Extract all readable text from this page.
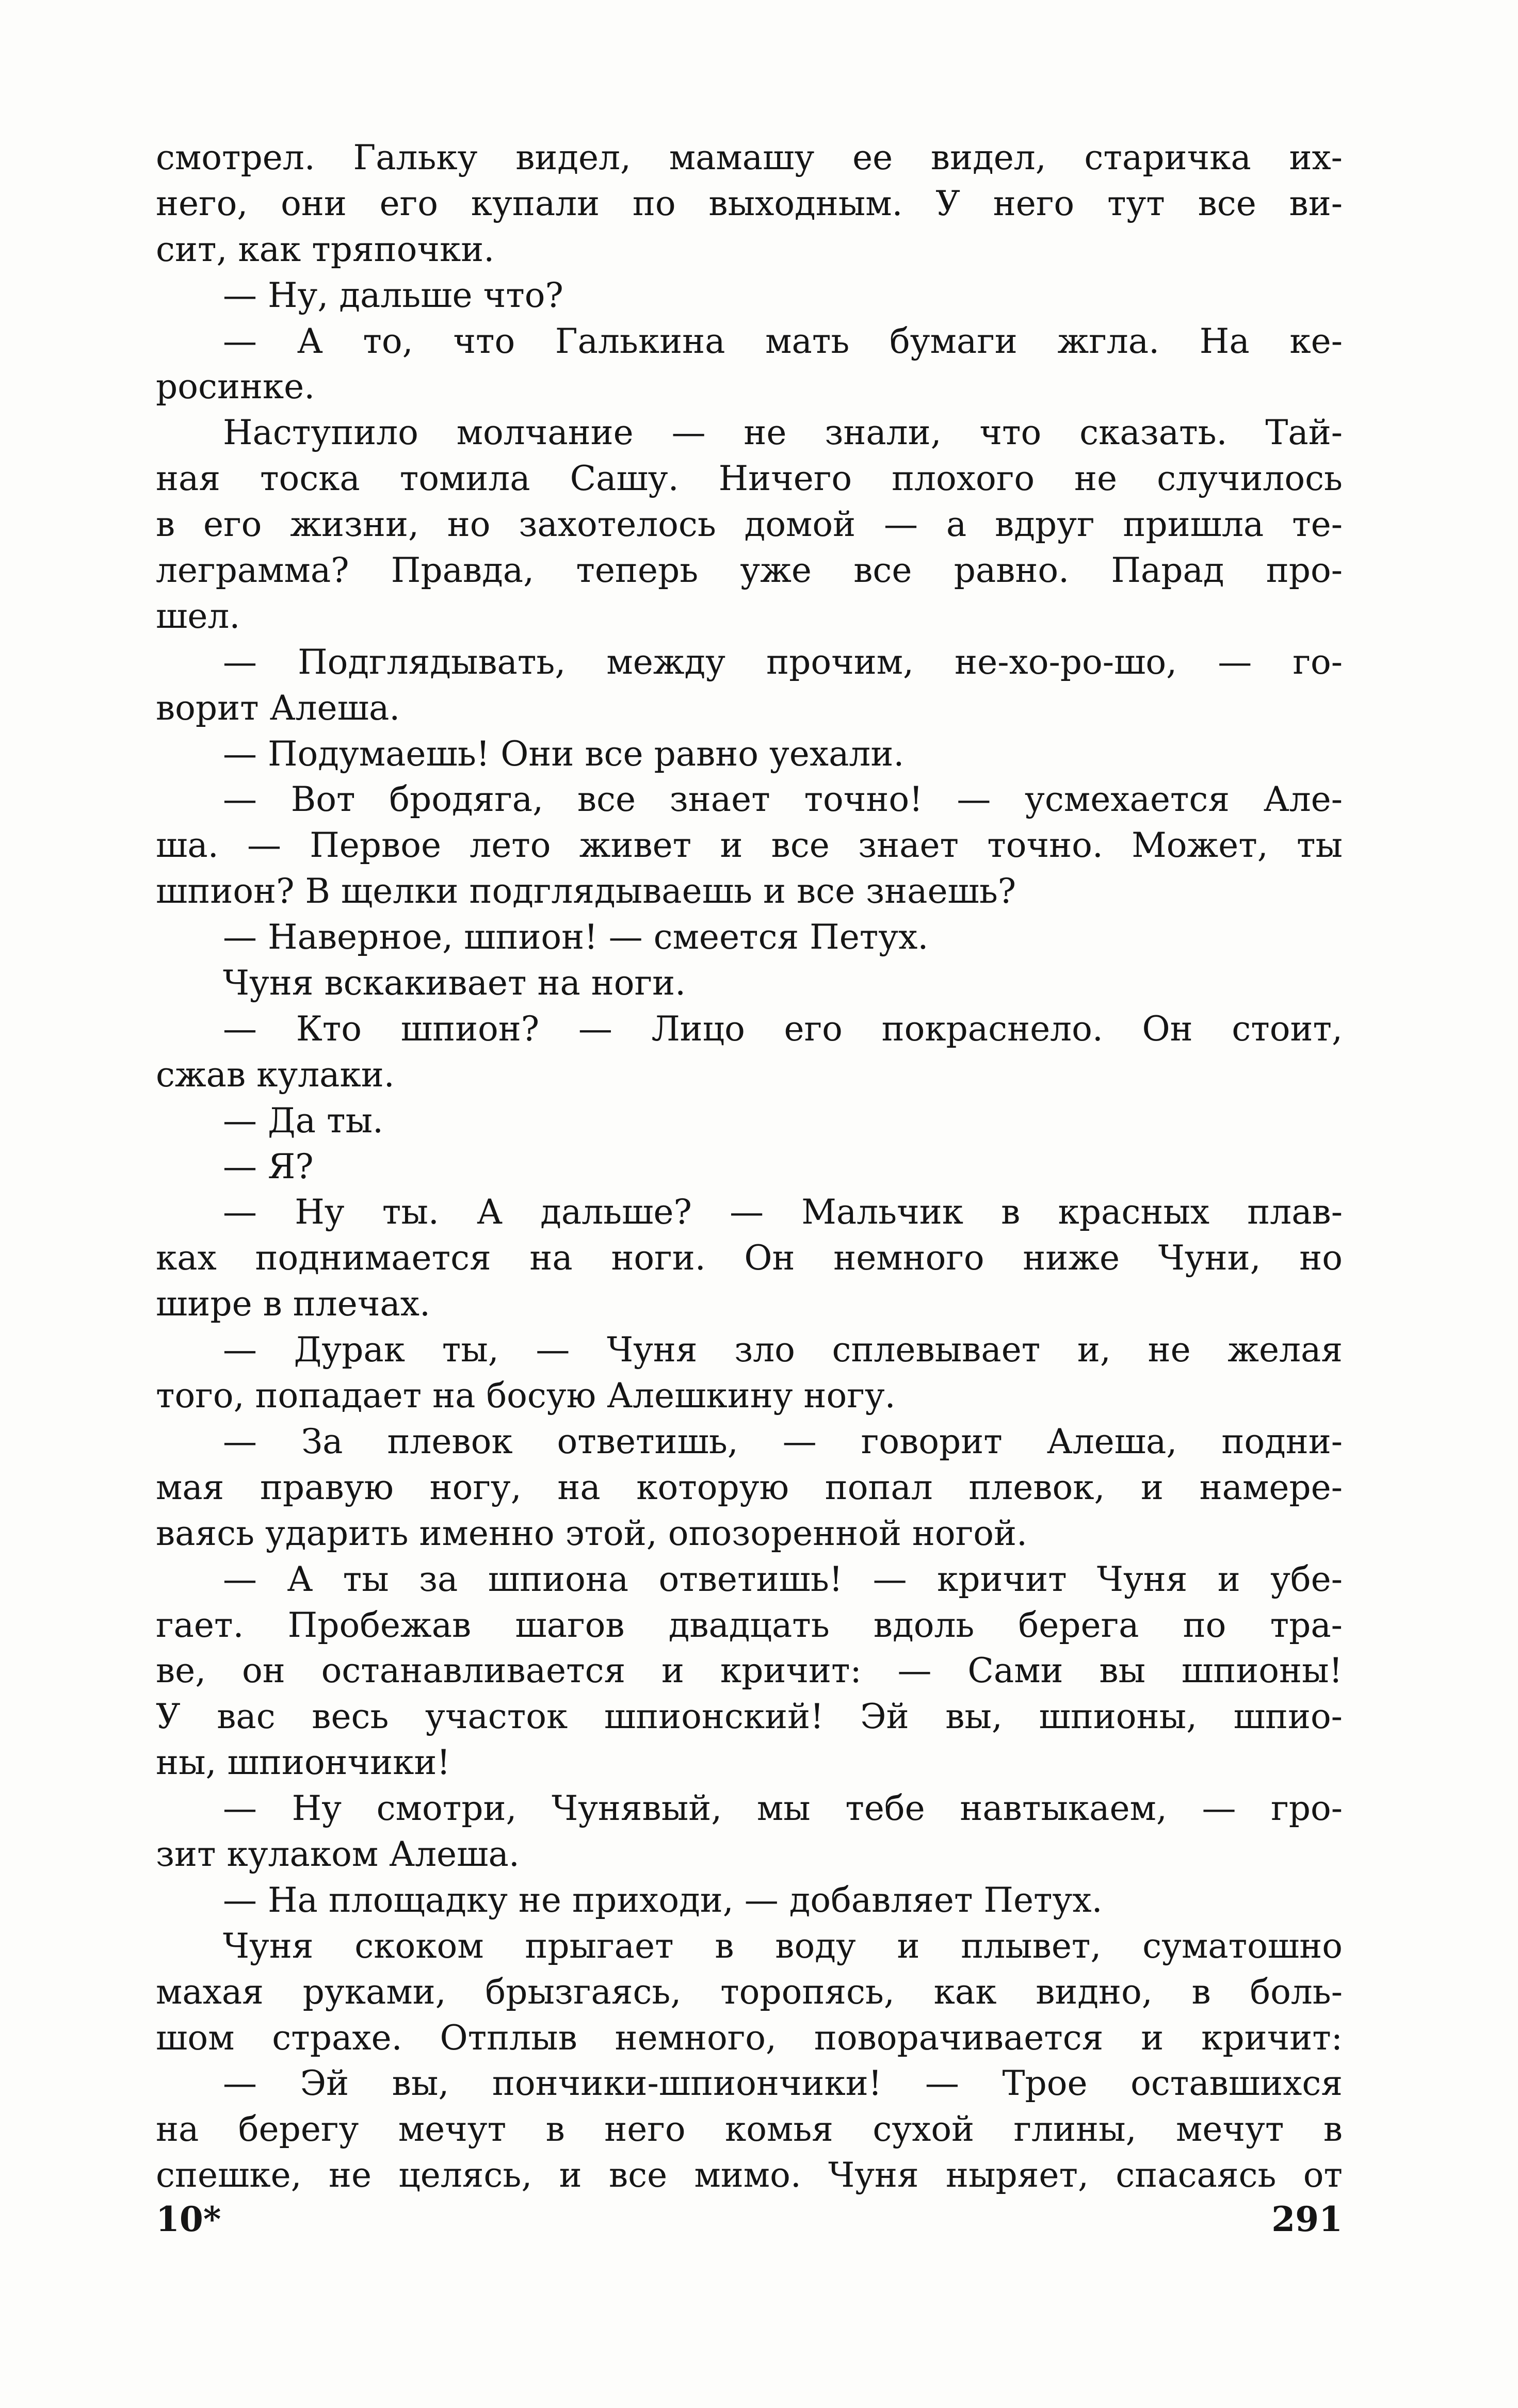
смотрел. Гальку видел, мамашу ее видел, старичка их-
него, они его купали по выходным. У него тут все ви-
сит, как тряпочки.
— Ну, дальше что?
— А то, что Галькина мать бумаги жгла. На ке-
росинке.
Наступило молчание — не знали, что сказать. Тай-
ная тоска томила Сашу. Ничего плохого не случилось
в его жизни, но захотелось домой — а вдруг пришла те-
леграмма? Правда, теперь уже все равно. Парад про-
шел.
— Подглядывать, между прочим, не-хо-ро-шо, — го-
ворит Алеша.
— Подумаешь! Они все равно уехали.
— Вот бродяга, все знает точно! — усмехается Але-
ша. — Первое лето живет и все знает точно. Может, ты
шпион? В щелки подглядываешь и все знаешь?
— Наверное, шпион! — смеется Петух.
Чуня вскакивает на ноги.
— Кто шпион? — Лицо его покраснело. Он стоит,
сжав кулаки.
— Да ты.
— Я?
— Ну ты. А дальше? — Мальчик в красных плав-
ках поднимается на ноги. Он немного ниже Чуни, но
шире в плечах.
— Дурак ты, — Чуня зло сплевывает и, не желая
того, попадает на босую Алешкину ногу.
— За плевок ответишь, — говорит Алеша, подни-
мая правую ногу, на которую попал плевок, и намере-
ваясь ударить именно этой, опозоренной ногой.
— А ты за шпиона ответишь! — кричит Чуня и убе-
гает. Пробежав шагов двадцать вдоль берега по тра-
ве, он останавливается и кричит: — Сами вы шпионы!
У вас весь участок шпионский! Эй вы, шпионы, шпио-
ны, шпиончики!
— Ну смотри, Чунявый, мы тебе навтыкаем, — гро-
зит кулаком Алеша.
— На площадку не приходи, — добавляет Петух.
Чуня скоком прыгает в воду и плывет, суматошно
махая руками, брызгаясь, торопясь, как видно, в боль-
шом страхе. Отплыв немного, поворачивается и кричит:
— Эй вы, пончики-шпиончики! — Трое оставшихся
на берегу мечут в него комья сухой глины, мечут в
спешке, не целясь, и все мимо. Чуня ныряет, спасаясь от
10*	291
